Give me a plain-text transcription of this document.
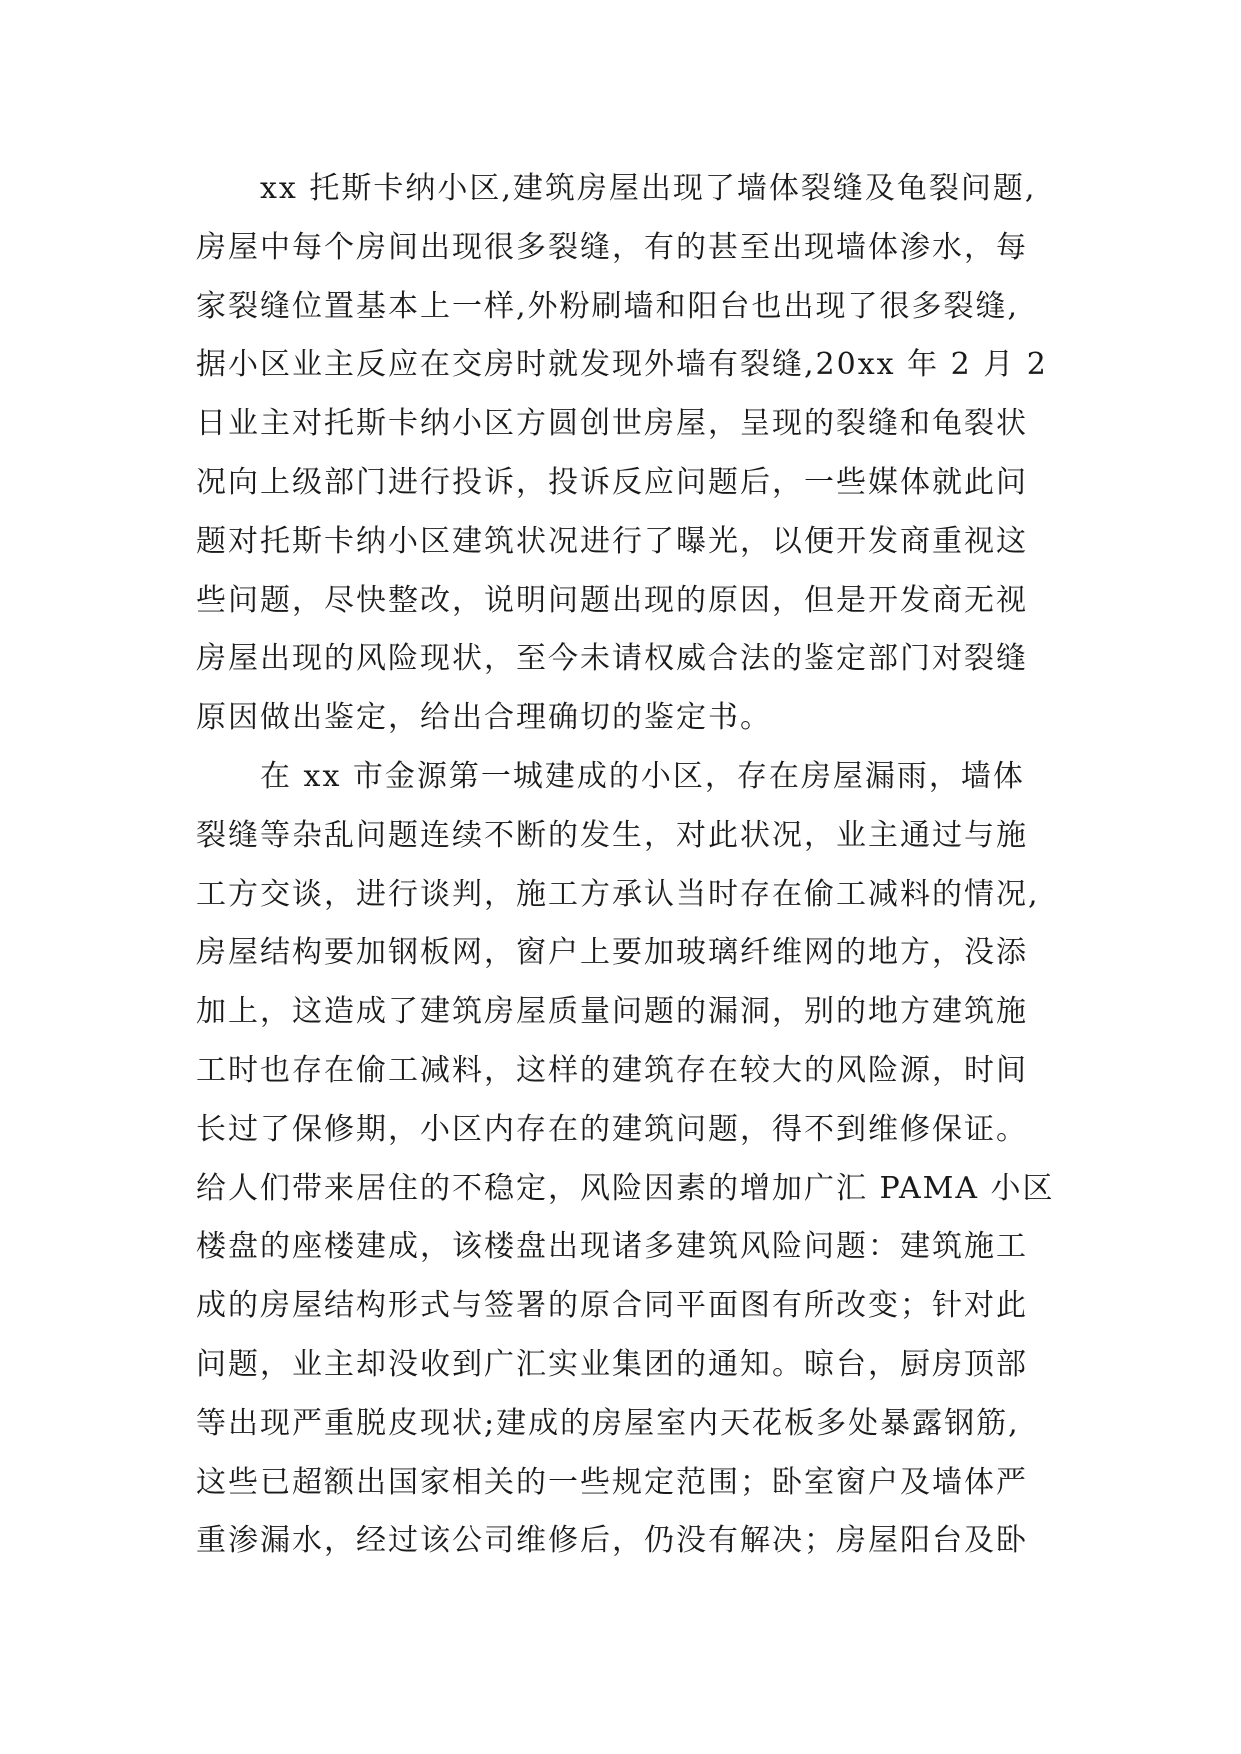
xx 托斯卡纳小区,建筑房屋出现了墙体裂缝及龟裂问题,
房屋中每个房间出现很多裂缝，有的甚至出现墙体渗水，每
家裂缝位置基本上一样,外粉刷墙和阳台也出现了很多裂缝,
据小区业主反应在交房时就发现外墙有裂缝,20xx 年 2 月 2
日业主对托斯卡纳小区方圆创世房屋，呈现的裂缝和龟裂状
况向上级部门进行投诉，投诉反应问题后，一些媒体就此问
题对托斯卡纳小区建筑状况进行了曝光，以便开发商重视这
些问题，尽快整改，说明问题出现的原因，但是开发商无视
房屋出现的风险现状，至今未请权威合法的鉴定部门对裂缝
原因做出鉴定，给出合理确切的鉴定书。
在 xx 市金源第一城建成的小区，存在房屋漏雨，墙体
裂缝等杂乱问题连续不断的发生，对此状况，业主通过与施
工方交谈，进行谈判，施工方承认当时存在偷工减料的情况,
房屋结构要加钢板网，窗户上要加玻璃纤维网的地方，没添
加上，这造成了建筑房屋质量问题的漏洞，别的地方建筑施
工时也存在偷工减料，这样的建筑存在较大的风险源，时间
长过了保修期，小区内存在的建筑问题，得不到维修保证。
给人们带来居住的不稳定，风险因素的增加广汇 PAMA 小区
楼盘的座楼建成，该楼盘出现诸多建筑风险问题：建筑施工
成的房屋结构形式与签署的原合同平面图有所改变；针对此
问题，业主却没收到广汇实业集团的通知。晾台，厨房顶部
等出现严重脱皮现状;建成的房屋室内天花板多处暴露钢筋,
这些已超额出国家相关的一些规定范围；卧室窗户及墙体严
重渗漏水，经过该公司维修后，仍没有解决；房屋阳台及卧
